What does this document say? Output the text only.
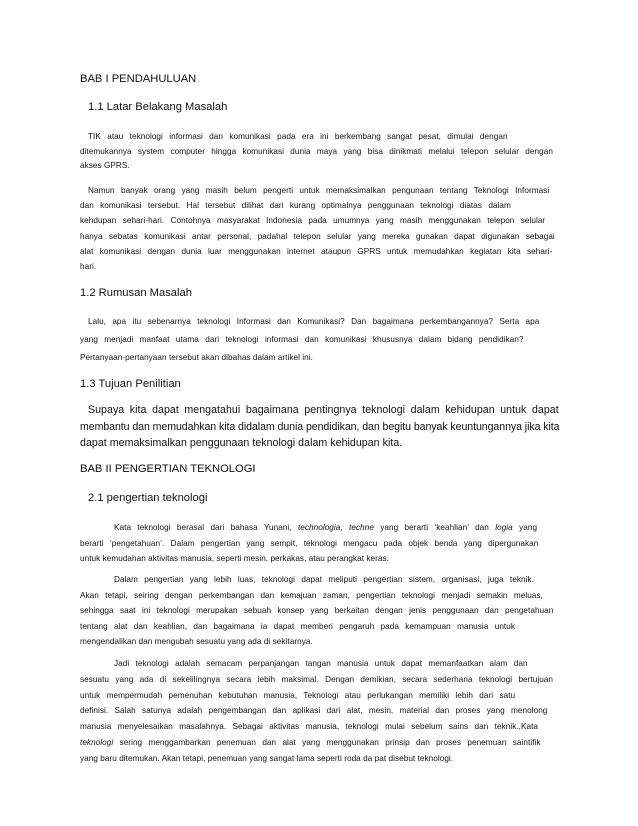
BAB I PENDAHULUAN
1.1 Latar Belakang Masalah
TIK atau teknologi informasi dan komunikasi pada era ini berkembang sangat pesat, dimulai dengan
ditemukannya system computer hingga komunikasi dunia maya yang bisa dinikmati melalui telepon selular dengan
akses GPRS.
Namun banyak orang yang masih belum pengerti untuk memaksimalkan pengunaan tentang Teknologi Informasi
dan komunikasi tersebut. Hal tersebut dilihat dari kurang optimalnya penggunaan teknologi diatas dalam
kehdupan sehari-hari. Contohnya masyarakat Indonesia pada umumnya yang masih menggunakan telepon selular
hanya sebatas komunikasi antar personal, padahal telepon selular yang mereka gunakan dapat digunakan sebagai
alat komunikasi dengan dunia luar menggunakan internet ataupun GPRS untuk memudahkan kegiatan kita sehari-
hari.
1.2 Rumusan Masalah
Lalu, apa itu sebenarnya teknologi Informasi dan Komunikasi? Dan bagaimana perkembangannya? Serta apa
yang menjadi manfaat utama dari teknologi informasi dan komunikasi khususnya dalam bidang pendidikan?
Pertanyaan-pertanyaan tersebut akan dibahas dalam artikel ini.
1.3 Tujuan Penilitian
Supaya kita dapat mengatahui bagaimana pentingnya teknologi dalam kehidupan untuk dapat
membantu dan memudahkan kita didalam dunia pendidikan, dan begitu banyak keuntungannya jika kita
dapat memaksimalkan penggunaan teknologi dalam kehidupan kita.
BAB II PENGERTIAN TEKNOLOGI
2.1 pengertian teknologi
Kata teknologi berasal dari bahasa Yunani, technologia, techne yang berarti ‘keahlian’ dan logia yang
berarti ‘pengetahuan’. Dalam pengertian yang sempit, teknologi mengacu pada objek benda yang dipergunakan
untuk kemudahan aktivitas manusia, seperti mesin, perkakas, atau perangkat keras.
Dalam pengertian yang lebih luas, teknologi dapat meliputi pengertian sistem, organisasi, juga teknik.
Akan tetapi, seiring dengan perkembangan dan kemajuan zaman, pengertian teknologi menjadi semakin meluas,
sehingga saat ini teknologi merupakan sebuah konsep yang berkaitan dengan jenis penggunaan dan pengetahuan
tentang alat dan keahlian, dan bagaimana ia dapat memberi pengaruh pada kemampuan manusia untuk
mengendalikan dan mengubah sesuatu yang ada di sekitarnya.
Jadi teknologi adalah semacam perpanjangan tangan manusia untuk dapat memanfaatkan alam dan
sesuatu yang ada di sekelilingnya secara lebih maksimal. Dengan demikian, secara sederhana teknologi bertujuan
untuk mempermudah pemenuhan kebutuhan manusia, Teknologi atau perlukangan memiliki lebih dari satu
definisi. Salah satunya adalah pengembangan dan aplikasi dari alat, mesin, material dan proses yang menolong
manusia menyelesaikan masalahnya. Sebagai aktivitas manusia, teknologi mulai sebelum sains dan teknik.,Kata
teknologi sering menggambarkan penemuan dan alat yang menggunakan prinsip dan proses penemuan saintifik
yang baru ditemukan. Akan tetapi, penemuan yang sangat lama seperti roda da pat disebut teknologi.
